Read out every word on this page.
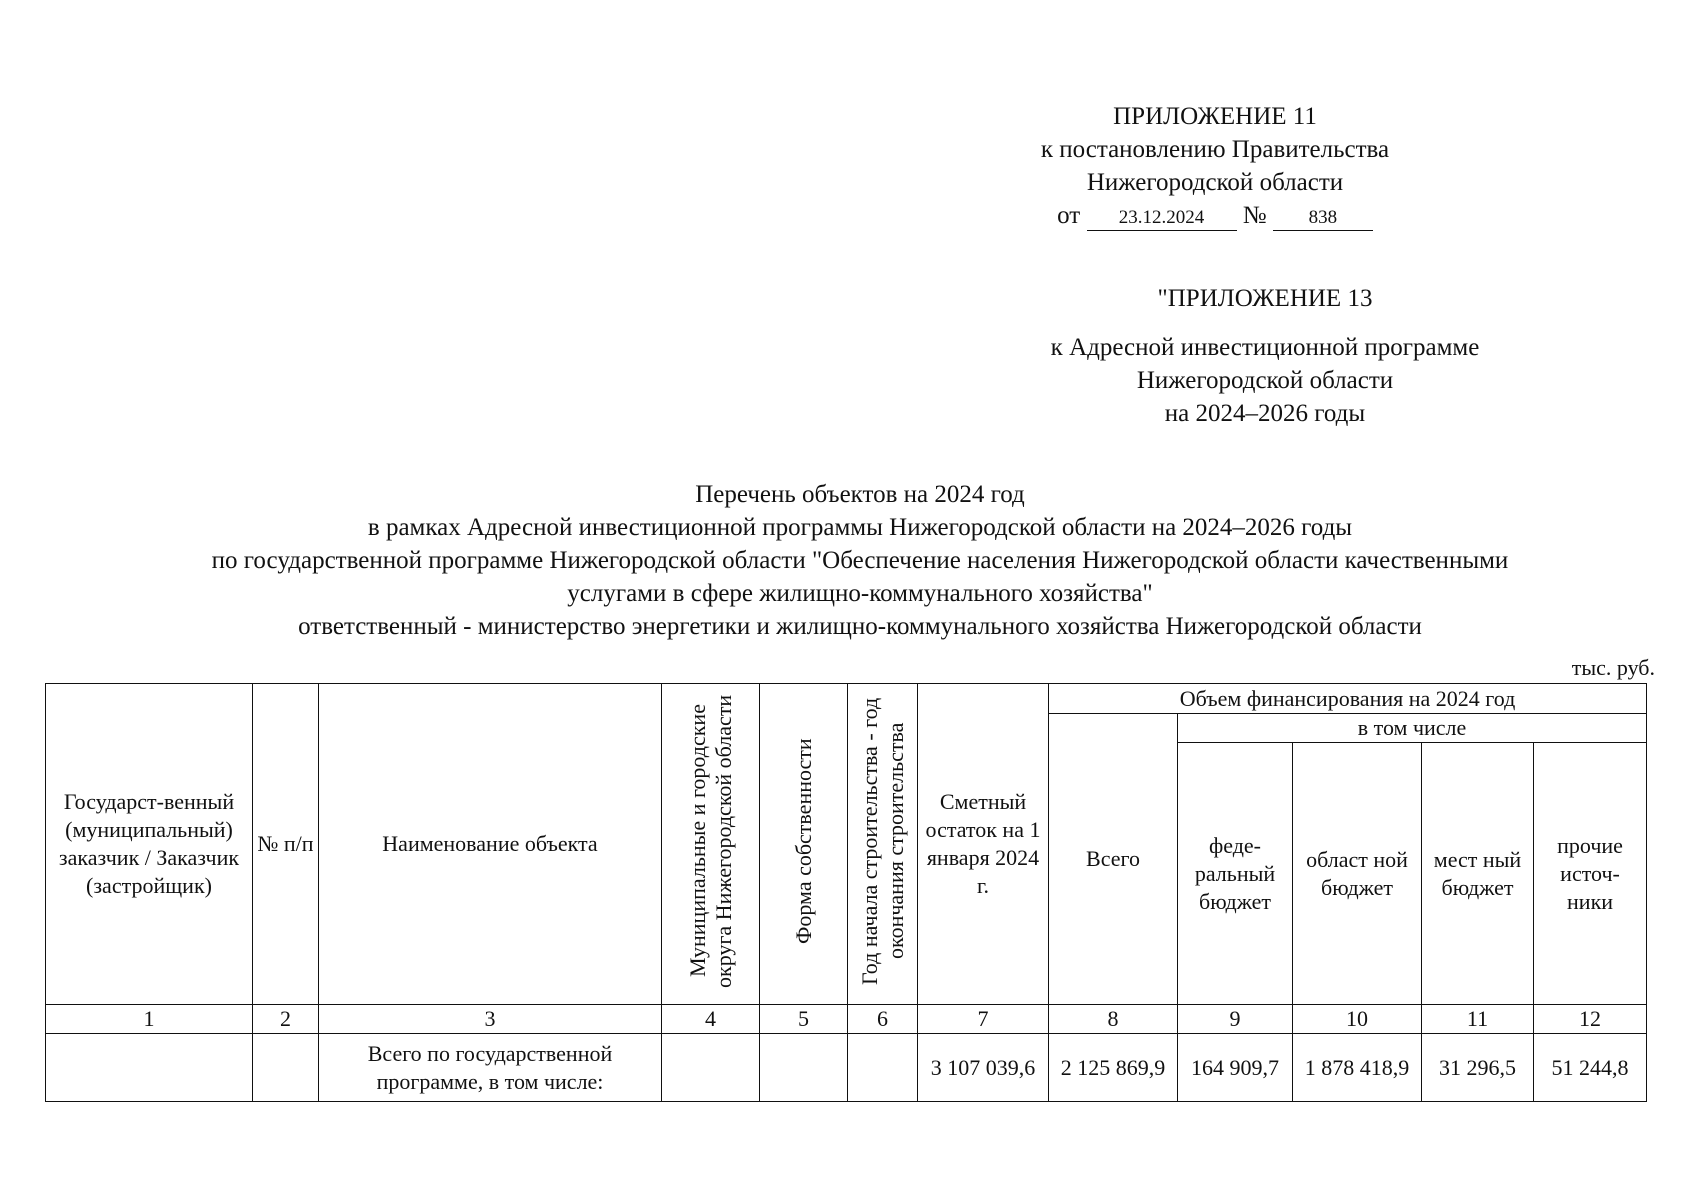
ПРИЛОЖЕНИЕ 11
к постановлению Правительства
Нижегородской области
от 23.12.2024 № 838
"ПРИЛОЖЕНИЕ 13
к Адресной инвестиционной программе
Нижегородской области
на 2024–2026 годы
Перечень объектов на 2024 год
в рамках Адресной инвестиционной программы Нижегородской области на 2024–2026 годы
по государственной программе Нижегородской области "Обеспечение населения Нижегородской области качественными
услугами в сфере жилищно-коммунального хозяйства"
ответственный - министерство энергетики и жилищно-коммунального хозяйства Нижегородской области
тыс. руб.
Государст-венный (муниципальный) заказчик / Заказчик (застройщик)	№ п/п	Наименование объекта	Муниципальные и городские округа Нижегородской области	Форма собственности	Год начала строительства - год окончания строительства	Сметный остаток на 1 января 2024 г.	Объем финансирования на 2024 год				
							Всего	в том числе			
								феде-ральный бюджет	област ной бюджет	мест ный бюджет	прочие источ-ники
1	2	3	4	5	6	7	8	9	10	11	12
		Всего по государственной программе, в том числе:				3 107 039,6	2 125 869,9	164 909,7	1 878 418,9	31 296,5	51 244,8
